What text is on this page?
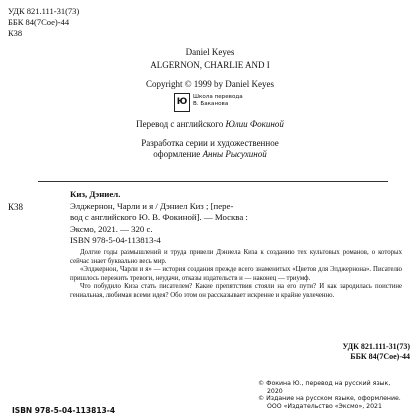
УДК 821.111-31(73)
ББК 84(7Сое)-44
К38
Daniel Keyes
ALGERNON, CHARLIE AND I
Copyright © 1999 by Daniel Keyes
Ю	Школа перевода
В. Баканова
Перевод с английского Юлии Фокиной
Разработка серии и художественное
оформление Анны Рысухиной
К38
Киз, Дэниел.
Элджернон, Чарли и я / Дэниел Киз ; [пере-
вод с английского Ю. В. Фокиной]. — Москва :
Эксмо, 2021. — 320 с.
ISBN 978-5-04-113813-4

Долгие годы размышлений и труда привели Дэниела Киза к созданию тех культовых романов, о которых сейчас знает буквально весь мир.

«Элджернон, Чарли и я» — история создания прежде всего знаменитых «Цветов для Элджернона». Писателю пришлось пережить тревоги, неудачи, отказы издательств и — наконец — триумф.

Что побудило Киза стать писателем? Какие препятствия стояли на его пути? И как зародилась поистине гениальная, любимая всеми идея? Обо этом он рассказывает искренне и крайне увлеченно.

УДК 821.111-31(73)
ББК 84(7Сое)-44
© Фокина Ю., перевод на русский язык,
2020
© Издание на русском языке, оформление.
ООО «Издательство «Эксмо», 2021
ISBN 978-5-04-113813-4
